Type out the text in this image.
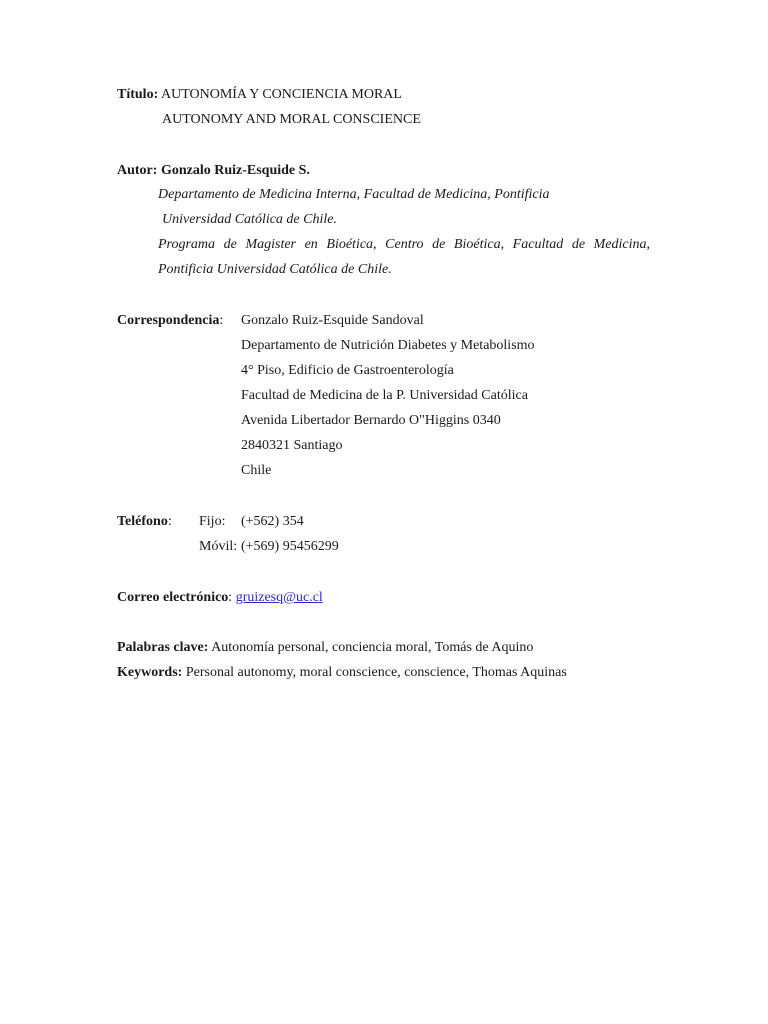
Título: AUTONOMÍA Y CONCIENCIA MORAL
AUTONOMY AND MORAL CONSCIENCE
Autor: Gonzalo Ruiz-Esquide S.
Departamento de Medicina Interna, Facultad de Medicina, Pontificia
Universidad Católica de Chile.
Programa de Magister en Bioética, Centro de Bioética, Facultad de Medicina,
Pontificia Universidad Católica de Chile.
Correspondencia: Gonzalo Ruiz-Esquide Sandoval
Departamento de Nutrición Diabetes y Metabolismo
4° Piso, Edificio de Gastroenterología
Facultad de Medicina de la P. Universidad Católica
Avenida Libertador Bernardo O"Higgins 0340
2840321 Santiago
Chile
Teléfono: Fijo: (+562) 354
Móvil: (+569) 95456299
Correo electrónico: gruizesq@uc.cl
Palabras clave: Autonomía personal, conciencia moral, Tomás de Aquino
Keywords: Personal autonomy, moral conscience, conscience, Thomas Aquinas
